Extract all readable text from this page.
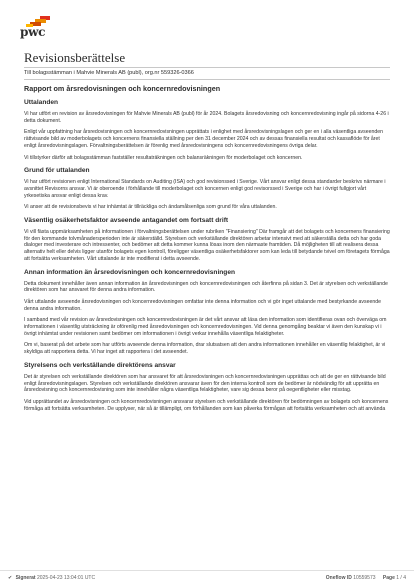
pwc
Revisionsberättelse
Till bolagsstämman i Mahvie Minerals AB (publ), org.nr 559326-0366
Rapport om årsredovisningen och koncernredovisningen
Uttalanden

Vi har utfört en revision av årsredovisningen för Mahvie Minerals AB (publ) för år 2024. Bolagets årsredovisning och koncernredovisning ingår på sidorna 4-26 i detta dokument.

Enligt vår uppfattning har årsredovisningen och koncernredovisningen upprättats i enlighet med årsredovisningslagen och ger en i alla väsentliga avseenden rättvisande bild av moderbolagets och koncernens finansiella ställning per den 31 december 2024 och av dessas finansiella resultat och kassaflöde för året enligt årsredovisningslagen. Förvaltningsberättelsen är förenlig med årsredovisningens och koncernredovisningens övriga delar.

Vi tillstyrker därför att bolagsstämman fastställer resultaträkningen och balansräkningen för moderbolaget och koncernen.

Grund för uttalanden

Vi har utfört revisionen enligt International Standards on Auditing (ISA) och god revisionssed i Sverige. Vårt ansvar enligt dessa standarder beskrivs närmare i avsnittet Revisorns ansvar. Vi är oberoende i förhållande till moderbolaget och koncernen enligt god revisorssed i Sverige och har i övrigt fullgjort vårt yrkesetiska ansvar enligt dessa krav.

Vi anser att de revisionsbevis vi har inhämtat är tillräckliga och ändamålsenliga som grund för våra uttalanden.

Väsentlig osäkerhetsfaktor avseende antagandet om fortsatt drift

Vi vill fästa uppmärksamheten på informationen i förvaltningsberättelsen under rubriken "Finansiering" Där framgår att det bolagets och koncernens finansiering för den kommande tolvmånadersperioden inte är säkerställd. Styrelsen och verkställande direktören arbetar intensivt med att säkerställa detta och har goda dialoger med investerare och intressenter, och bedömer att detta kommer kunna lösas inom den närmaste framtiden. Då möjligheten till att realisera dessa alternativ helt eller delvis ligger utanför bolagets egen kontroll, föreligger väsentliga osäkerhetsfaktorer som kan leda till betydande tvivel om företagets förmåga att fortsätta verksamheten. Vårt uttalande är inte modifierat i detta avseende.

Annan information än årsredovisningen och koncernredovisningen

Detta dokument innehåller även annan information än årsredovisningen och koncernredovisningen och återfinns på sidan 3. Det är styrelsen och verkställande direktören som har ansvaret för denna andra information.

Vårt uttalande avseende årsredovisningen och koncernredovisningen omfattar inte denna information och vi gör inget uttalande med bestyrkande avseende denna andra information.

I samband med vår revision av årsredovisningen och koncernredovisningen är det vårt ansvar att läsa den information som identifieras ovan och överväga om informationen i väsentlig utsträckning är oförenlig med årsredovisningen och koncernredovisningen. Vid denna genomgång beaktar vi även den kunskap vi i övrigt inhämtat under revisionen samt bedömer om informationen i övrigt verkar innehålla väsentliga felaktigheter.

Om vi, baserat på det arbete som har utförts avseende denna information, drar slutsatsen att den andra informationen innehåller en väsentlig felaktighet, är vi skyldiga att rapportera detta. Vi har inget att rapportera i det avseendet.

Styrelsens och verkställande direktörens ansvar

Det är styrelsen och verkställande direktören som har ansvaret för att årsredovisningen och koncernredovisningen upprättas och att de ger en rättvisande bild enligt årsredovisningslagen. Styrelsen och verkställande direktören ansvarar även för den interna kontroll som de bedömer är nödvändig för att upprätta en årsredovisning och koncernredovisning som inte innehåller några väsentliga felaktigheter, vare sig dessa beror på oegentligheter eller misstag.

Vid upprättandet av årsredovisningen och koncernredovisningen ansvarar styrelsen och verkställande direktören för bedömningen av bolagets och koncernens förmåga att fortsätta verksamheten. De upplyser, när så är tillämpligt, om förhållanden som kan påverka förmågan att fortsätta verksamheten och att använda

✔ Signerat 2025-04-23 13:04:01 UTC	Oneflow ID 10559573 Page 1 / 4
